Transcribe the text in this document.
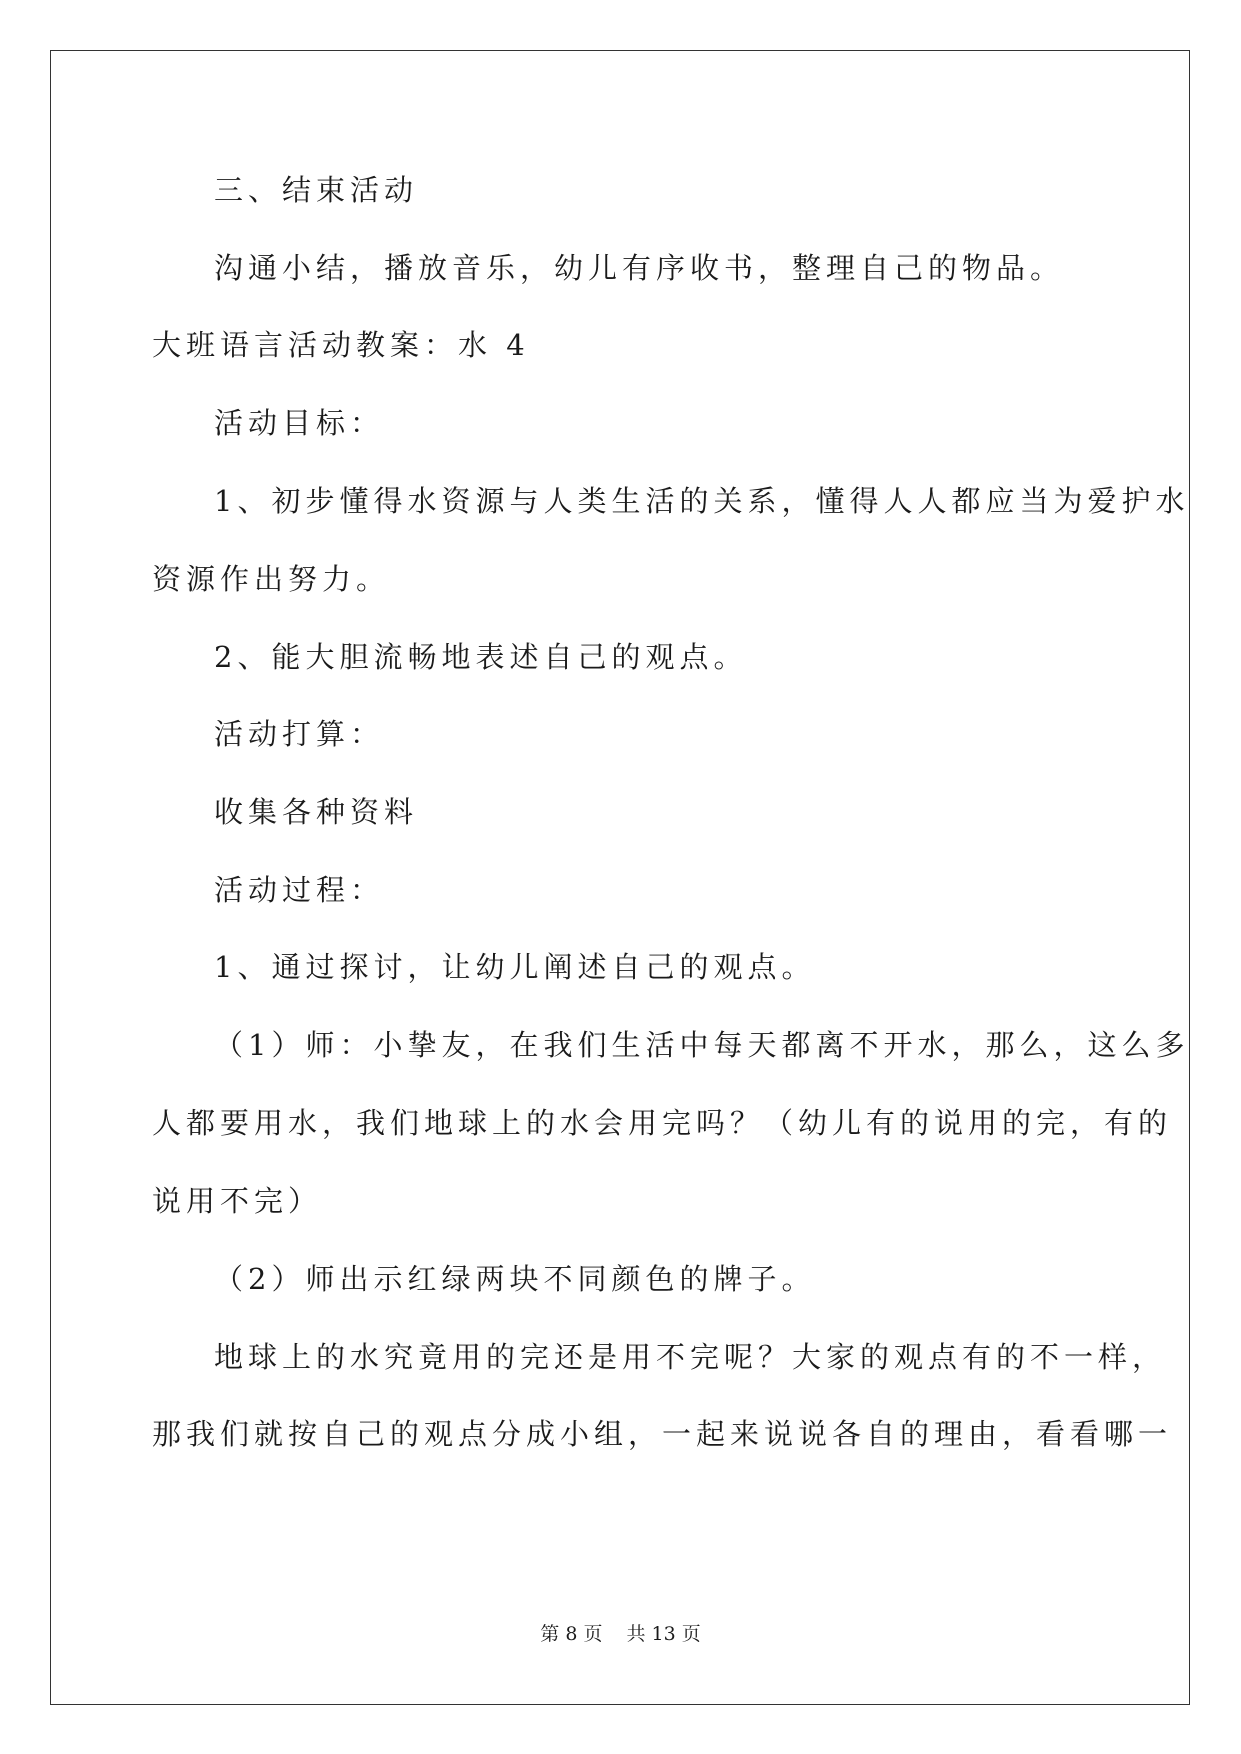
三、结束活动
沟通小结，播放音乐，幼儿有序收书，整理自己的物品。
大班语言活动教案：水 4
活动目标：
1、初步懂得水资源与人类生活的关系，懂得人人都应当为爱护水
资源作出努力。
2、能大胆流畅地表述自己的观点。
活动打算：
收集各种资料
活动过程：
1、通过探讨，让幼儿阐述自己的观点。
（1）师：小挚友，在我们生活中每天都离不开水，那么，这么多
人都要用水，我们地球上的水会用完吗？（幼儿有的说用的完，有的
说用不完）
（2）师出示红绿两块不同颜色的牌子。
地球上的水究竟用的完还是用不完呢？大家的观点有的不一样，
那我们就按自己的观点分成小组，一起来说说各自的理由，看看哪一
第 8 页 共 13 页
